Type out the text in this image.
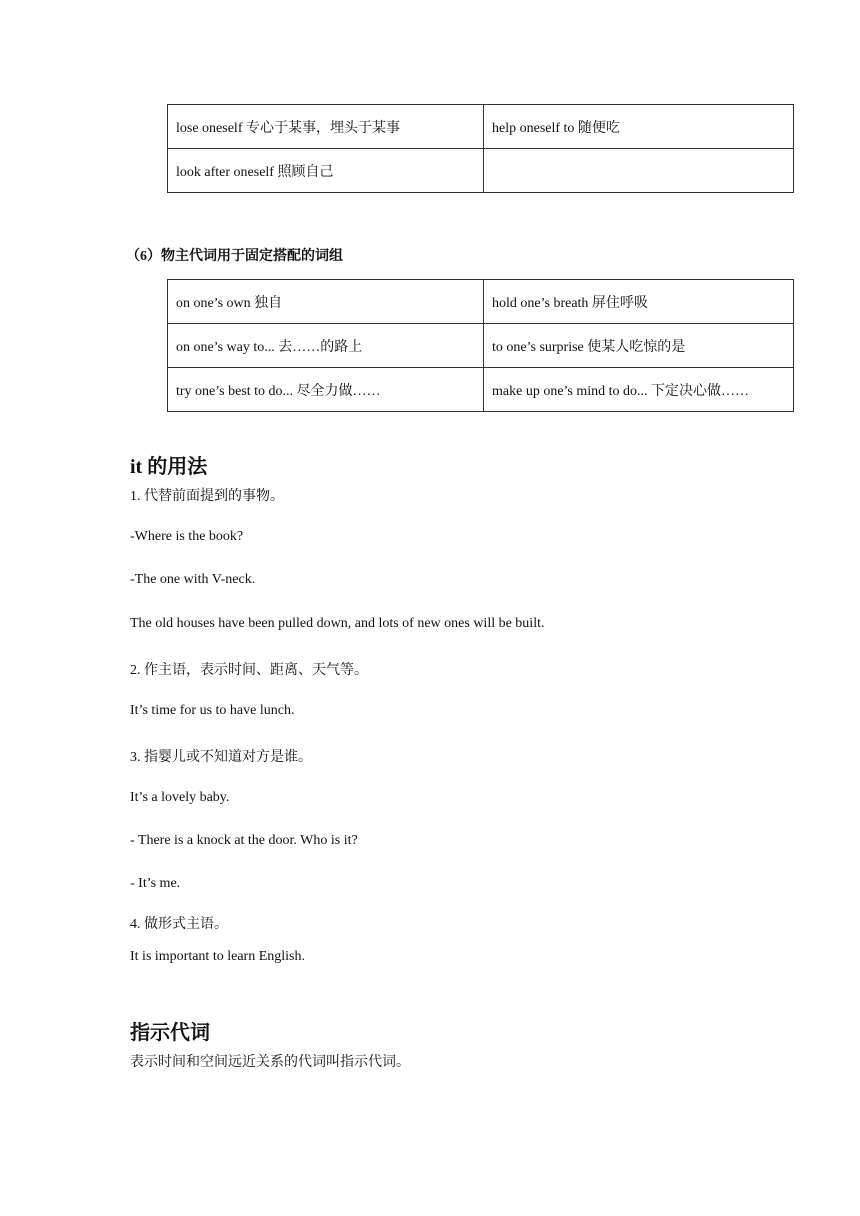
lose oneself 专心于某事，埋头于某事	help oneself to 随便吃
look after oneself 照顾自己	
（6）物主代词用于固定搭配的词组
on one’s own 独自	hold one’s breath 屏住呼吸
on one’s way to... 去……的路上	to one’s surprise 使某人吃惊的是
try one’s best to do... 尽全力做……	make up one’s mind to do... 下定决心做……
it 的用法
1. 代替前面提到的事物。
-Where is the book?
-The one with V-neck.
The old houses have been pulled down, and lots of new ones will be built.
2. 作主语，表示时间、距离、天气等。
It’s time for us to have lunch.
3. 指婴儿或不知道对方是谁。
It’s a lovely baby.
- There is a knock at the door. Who is it?
- It’s me.
4. 做形式主语。
It is important to learn English.
指示代词
表示时间和空间远近关系的代词叫指示代词。
